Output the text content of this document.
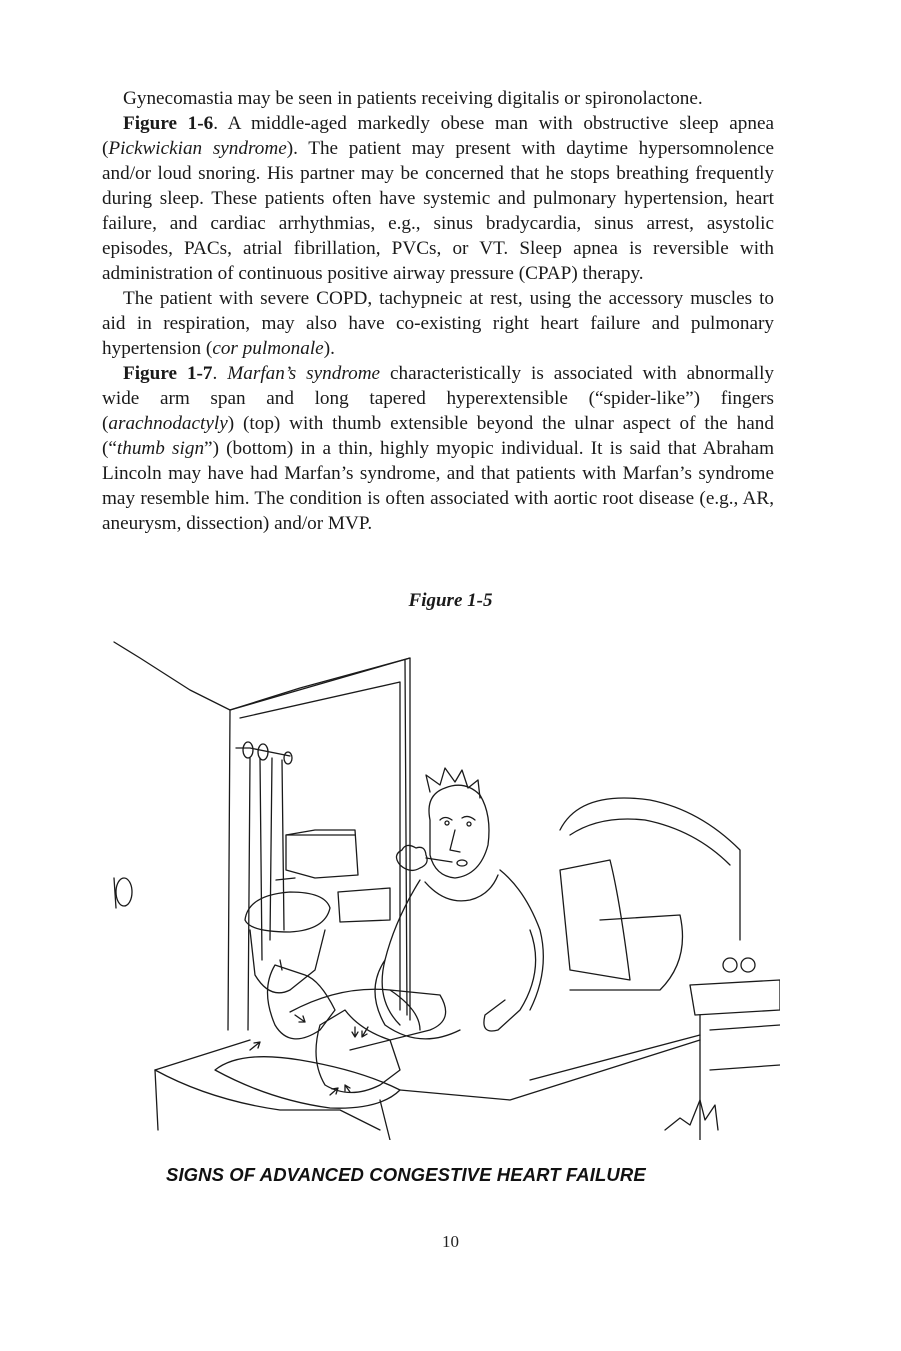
Gynecomastia may be seen in patients receiving digitalis or spironolactone.

Figure 1-6. A middle-aged markedly obese man with obstructive sleep apnea (Pickwickian syndrome). The patient may present with daytime hypersomnolence and/or loud snoring. His partner may be concerned that he stops breathing frequently during sleep. These patients often have systemic and pulmonary hypertension, heart failure, and cardiac arrhythmias, e.g., sinus bradycardia, sinus arrest, asystolic episodes, PACs, atrial fibrillation, PVCs, or VT. Sleep apnea is reversible with administration of continuous positive airway pressure (CPAP) therapy.

The patient with severe COPD, tachypneic at rest, using the accessory muscles to aid in respiration, may also have co-existing right heart failure and pulmonary hypertension (cor pulmonale).

Figure 1-7. Marfan’s syndrome characteristically is associated with abnormally wide arm span and long tapered hyperextensible (“spider-like”) fingers (arachnodactyly) (top) with thumb extensible beyond the ulnar aspect of the hand (“thumb sign”) (bottom) in a thin, highly myopic individual. It is said that Abraham Lincoln may have had Marfan’s syndrome, and that patients with Marfan’s syndrome may resemble him. The condition is often associated with aortic root disease (e.g., AR, aneurysm, dissection) and/or MVP.

Figure 1-5
SIGNS OF ADVANCED CONGESTIVE HEART FAILURE
10
